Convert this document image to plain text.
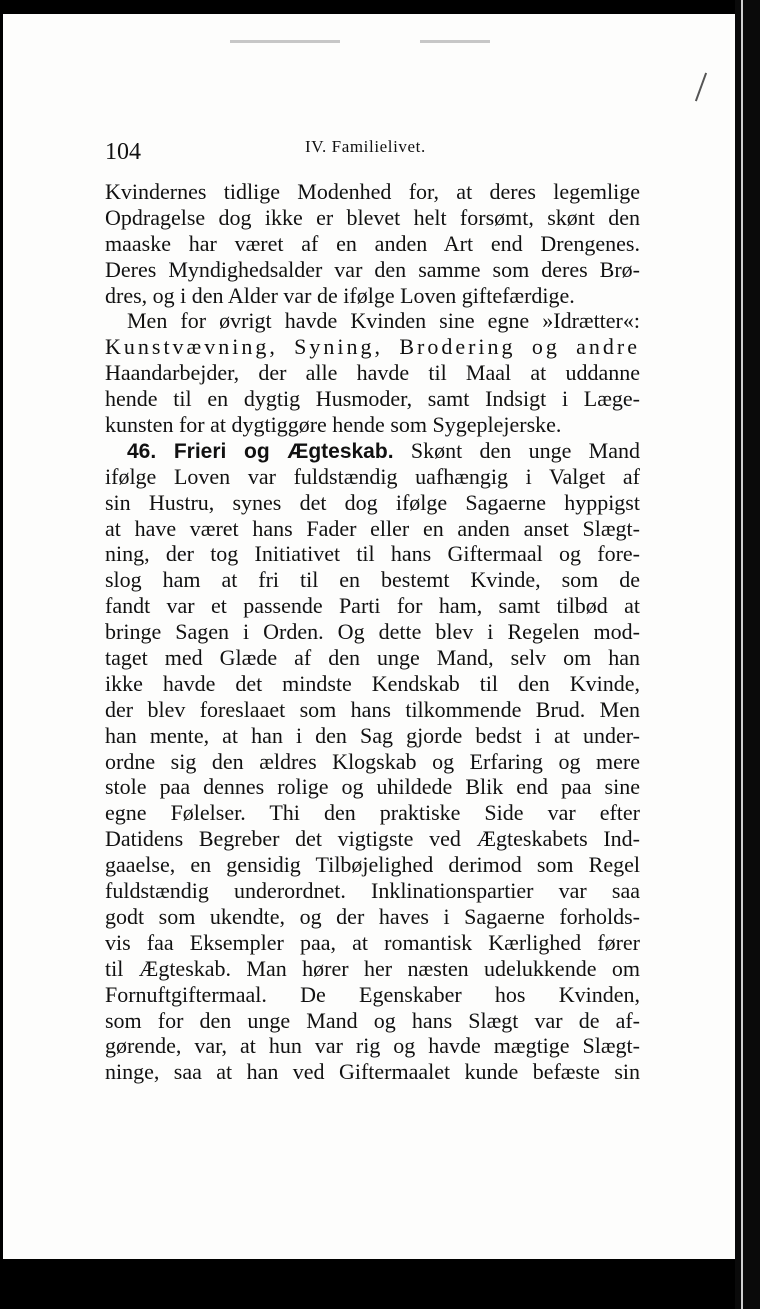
104	IV. Familielivet.
Kvindernes tidlige Modenhed for, at deres legemlige
Opdragelse dog ikke er blevet helt forsømt, skønt den
maaske har været af en anden Art end Drengenes.
Deres Myndighedsalder var den samme som deres Brø-
dres, og i den Alder var de ifølge Loven giftefærdige.
Men for øvrigt havde Kvinden sine egne »Idrætter«:
Kunstvævning, Syning, Brodering og andre
Haandarbejder, der alle havde til Maal at uddanne
hende til en dygtig Husmoder, samt Indsigt i Læge-
kunsten for at dygtiggøre hende som Sygeplejerske.
46. Frieri og Ægteskab. Skønt den unge Mand
ifølge Loven var fuldstændig uafhængig i Valget af
sin Hustru, synes det dog ifølge Sagaerne hyppigst
at have været hans Fader eller en anden anset Slægt-
ning, der tog Initiativet til hans Giftermaal og fore-
slog ham at fri til en bestemt Kvinde, som de
fandt var et passende Parti for ham, samt tilbød at
bringe Sagen i Orden. Og dette blev i Regelen mod-
taget med Glæde af den unge Mand, selv om han
ikke havde det mindste Kendskab til den Kvinde,
der blev foreslaaet som hans tilkommende Brud. Men
han mente, at han i den Sag gjorde bedst i at under-
ordne sig den ældres Klogskab og Erfaring og mere
stole paa dennes rolige og uhildede Blik end paa sine
egne Følelser. Thi den praktiske Side var efter
Datidens Begreber det vigtigste ved Ægteskabets Ind-
gaaelse, en gensidig Tilbøjelighed derimod som Regel
fuldstændig underordnet. Inklinationspartier var saa
godt som ukendte, og der haves i Sagaerne forholds-
vis faa Eksempler paa, at romantisk Kærlighed fører
til Ægteskab. Man hører her næsten udelukkende om
Fornuftgiftermaal. De Egenskaber hos Kvinden,
som for den unge Mand og hans Slægt var de af-
gørende, var, at hun var rig og havde mægtige Slægt-
ninge, saa at han ved Giftermaalet kunde befæste sin
